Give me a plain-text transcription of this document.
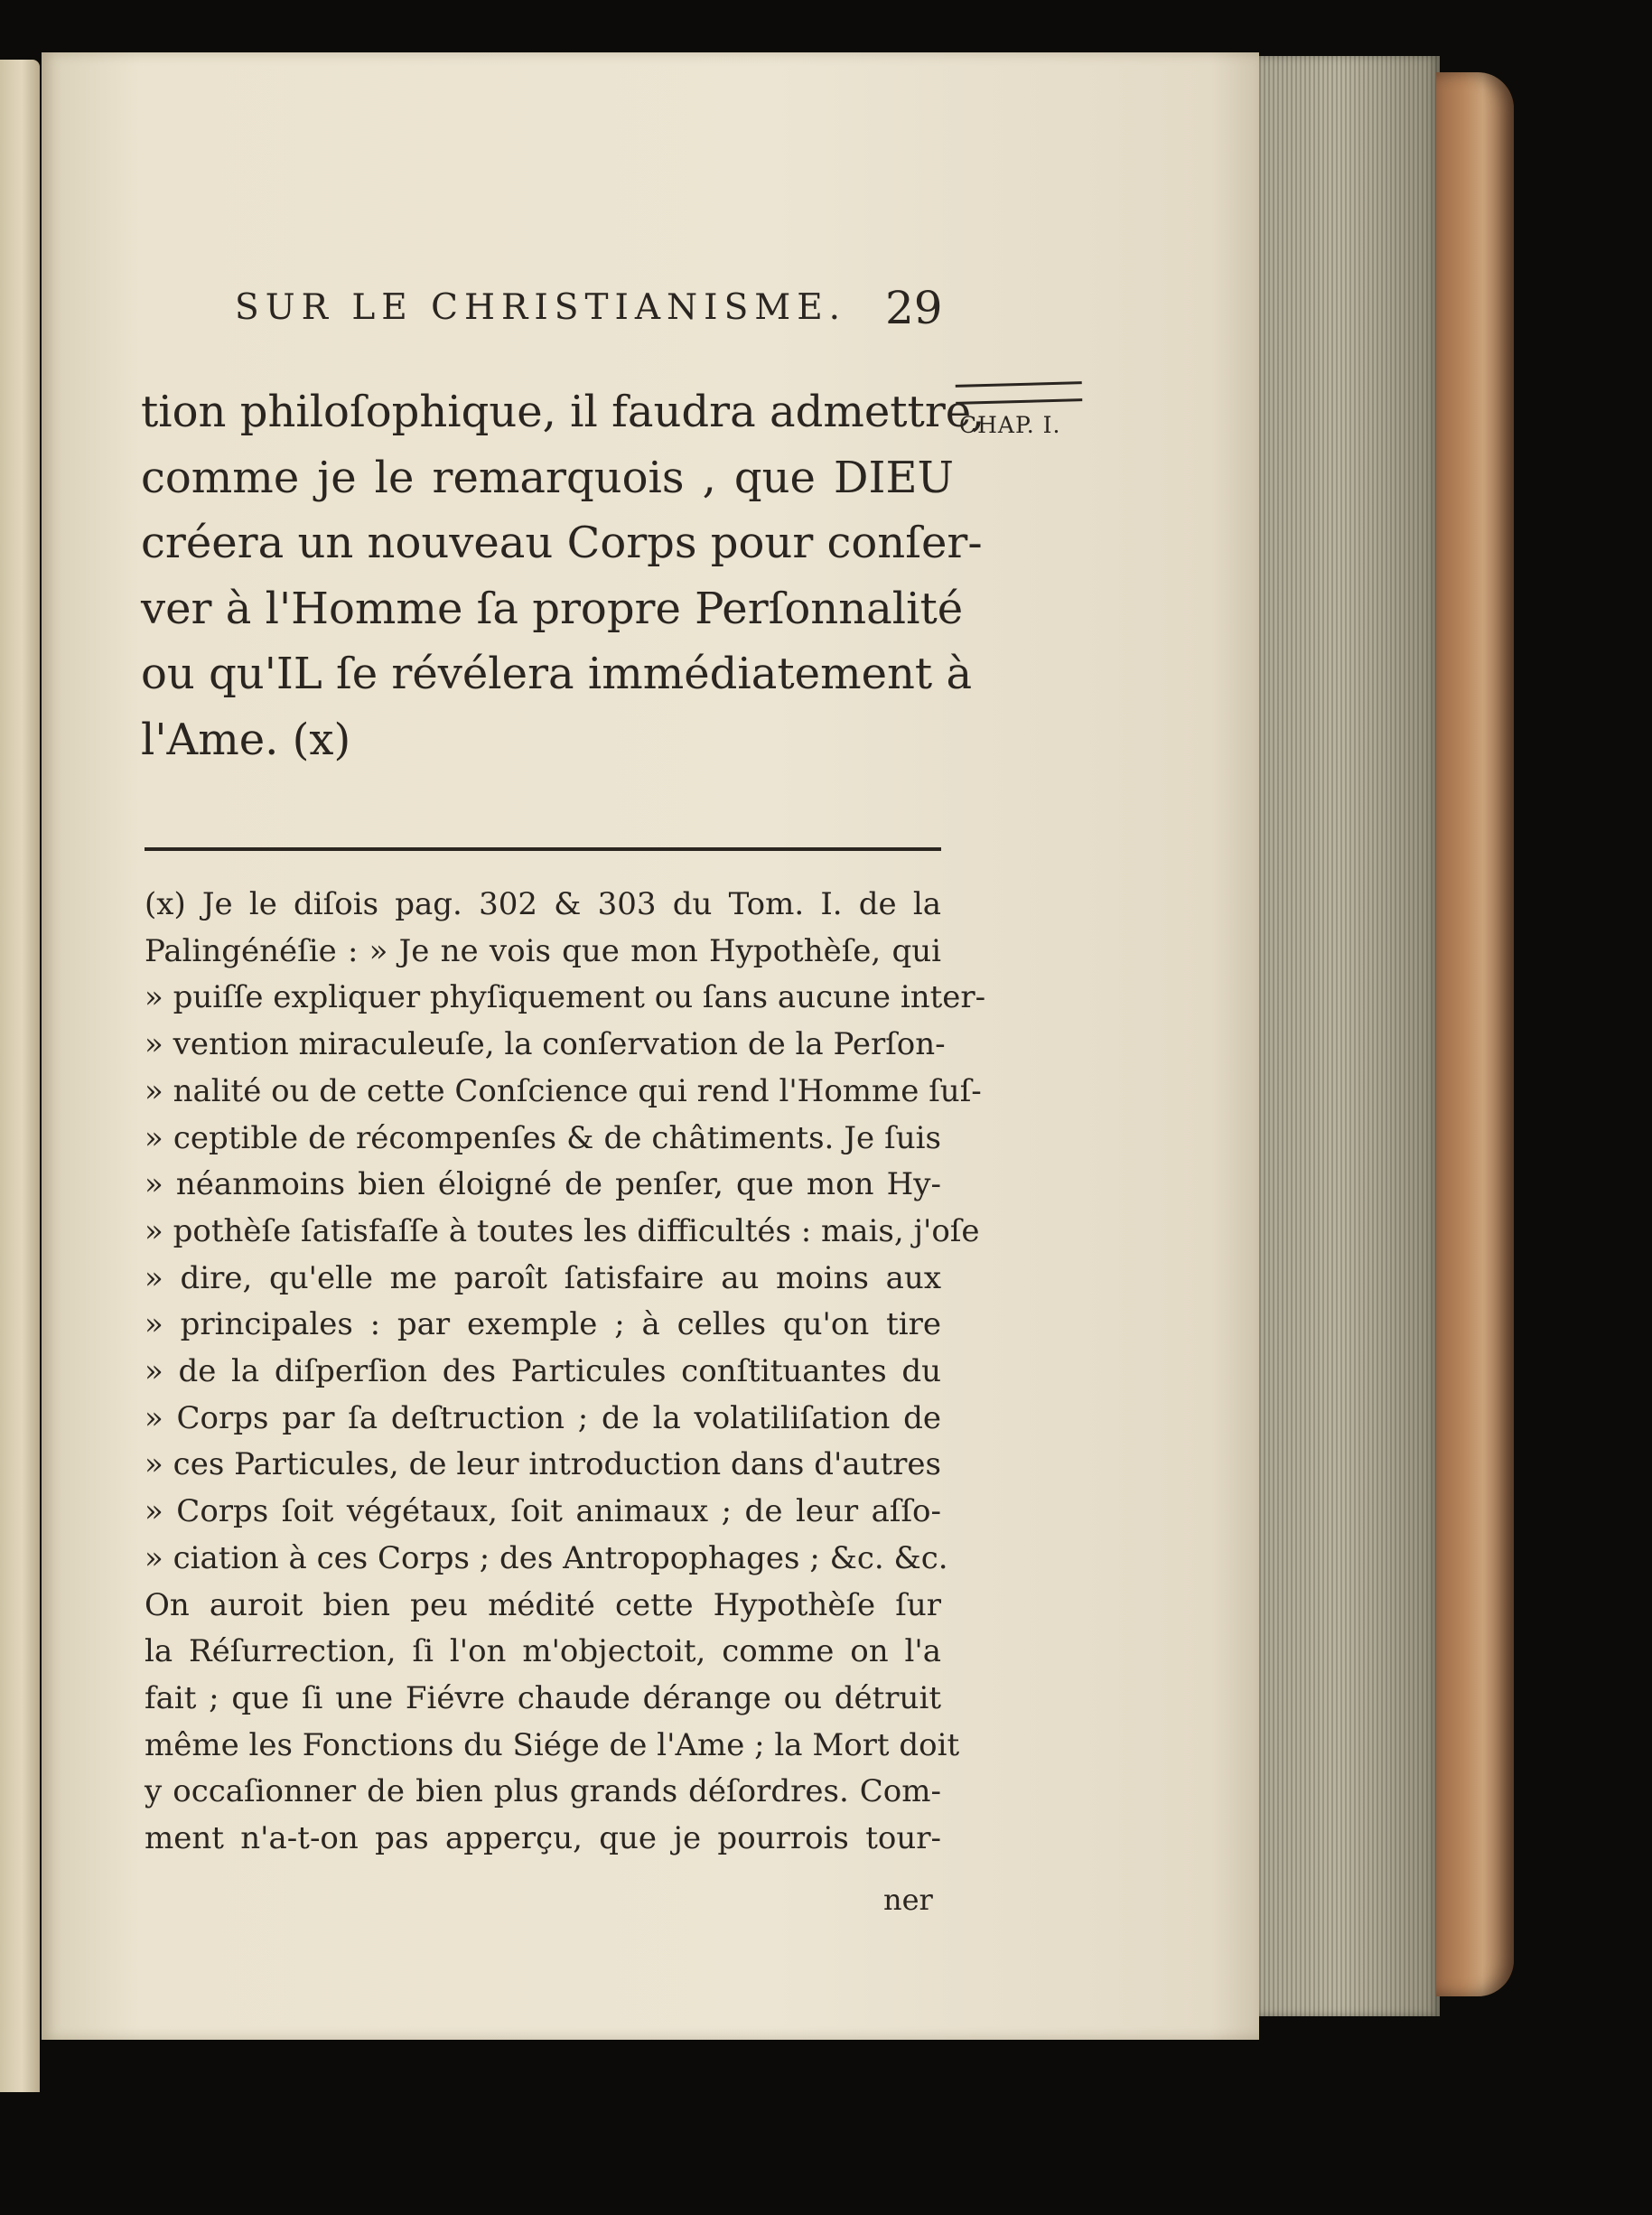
SUR LE CHRISTIANISME. 29
CHAP. I.
tion philoſophique, il faudra admettre,
comme je le remarquois , que DIEU
créera un nouveau Corps pour conſer-
ver à l'Homme ſa propre Perſonnalité
ou qu'IL ſe révélera immédiatement à
l'Ame. (x)
(x) Je le diſois pag. 302 & 303 du Tom. I. de la
Palingénéſie : » Je ne vois que mon Hypothèſe, qui
» puiſſe expliquer phyſiquement ou ſans aucune inter-
» vention miraculeuſe, la conſervation de la Perſon-
» nalité ou de cette Conſcience qui rend l'Homme ſuſ-
» ceptible de récompenſes & de châtiments. Je ſuis
» néanmoins bien éloigné de penſer, que mon Hy-
» pothèſe ſatisfaſſe à toutes les difficultés : mais, j'oſe
» dire, qu'elle me paroît ſatisfaire au moins aux
» principales : par exemple ; à celles qu'on tire
» de la diſperſion des Particules conſtituantes du
» Corps par ſa deſtruction ; de la volatiliſation de
» ces Particules, de leur introduction dans d'autres
» Corps ſoit végétaux, ſoit animaux ; de leur aſſo-
» ciation à ces Corps ; des Antropophages ; &c. &c.
On auroit bien peu médité cette Hypothèſe ſur
la Réſurrection, ſi l'on m'objectoit, comme on l'a
fait ; que ſi une Fiévre chaude dérange ou détruit
même les Fonctions du Siége de l'Ame ; la Mort doit
y occaſionner de bien plus grands déſordres. Com-
ment n'a-t-on pas apperçu, que je pourrois tour-
ner
